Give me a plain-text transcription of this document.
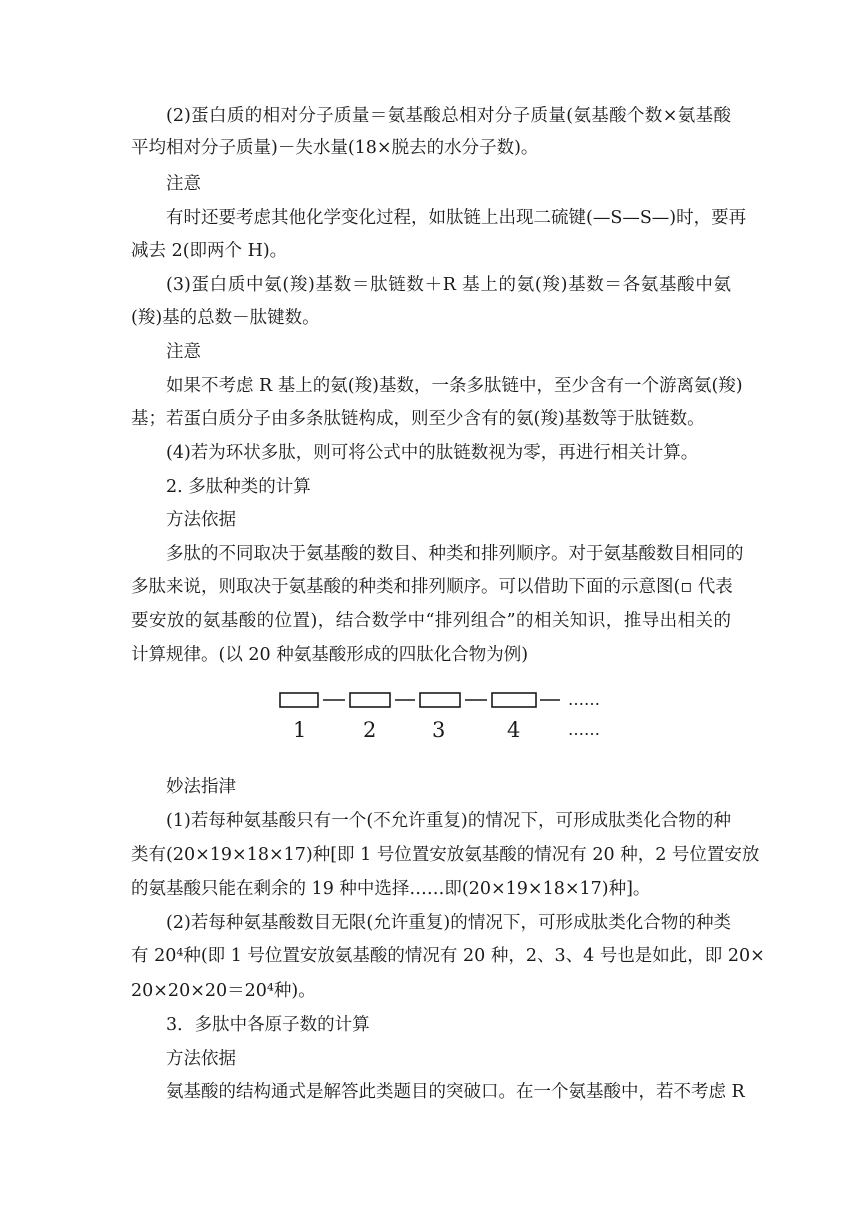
(2)蛋白质的相对分子质量＝氨基酸总相对分子质量(氨基酸个数×氨基酸
平均相对分子质量)－失水量(18×脱去的水分子数)。
注意
有时还要考虑其他化学变化过程，如肽链上出现二硫键(—S—S—)时，要再
减去 2(即两个 H)。
(3)蛋白质中氨(羧)基数＝肽链数＋R 基上的氨(羧)基数＝各氨基酸中氨
(羧)基的总数－肽键数。
注意
如果不考虑 R 基上的氨(羧)基数，一条多肽链中，至少含有一个游离氨(羧)
基；若蛋白质分子由多条肽链构成，则至少含有的氨(羧)基数等于肽链数。
(4)若为环状多肽，则可将公式中的肽链数视为零，再进行相关计算。
2. 多肽种类的计算
方法依据
多肽的不同取决于氨基酸的数目、种类和排列顺序。对于氨基酸数目相同的
多肽来说，则取决于氨基酸的种类和排列顺序。可以借助下面的示意图(▫ 代表
要安放的氨基酸的位置)，结合数学中“排列组合”的相关知识，推导出相关的
计算规律。(以 20 种氨基酸形成的四肽化合物为例)
……
1	2	3	4	……
妙法指津
(1)若每种氨基酸只有一个(不允许重复)的情况下，可形成肽类化合物的种
类有(20×19×18×17)种[即 1 号位置安放氨基酸的情况有 20 种，2 号位置安放
的氨基酸只能在剩余的 19 种中选择……即(20×19×18×17)种]。
(2)若每种氨基酸数目无限(允许重复)的情况下，可形成肽类化合物的种类
有 20⁴种(即 1 号位置安放氨基酸的情况有 20 种，2、3、4 号也是如此，即 20×
20×20×20＝20⁴种)。
3．多肽中各原子数的计算
方法依据
氨基酸的结构通式是解答此类题目的突破口。在一个氨基酸中，若不考虑 R
